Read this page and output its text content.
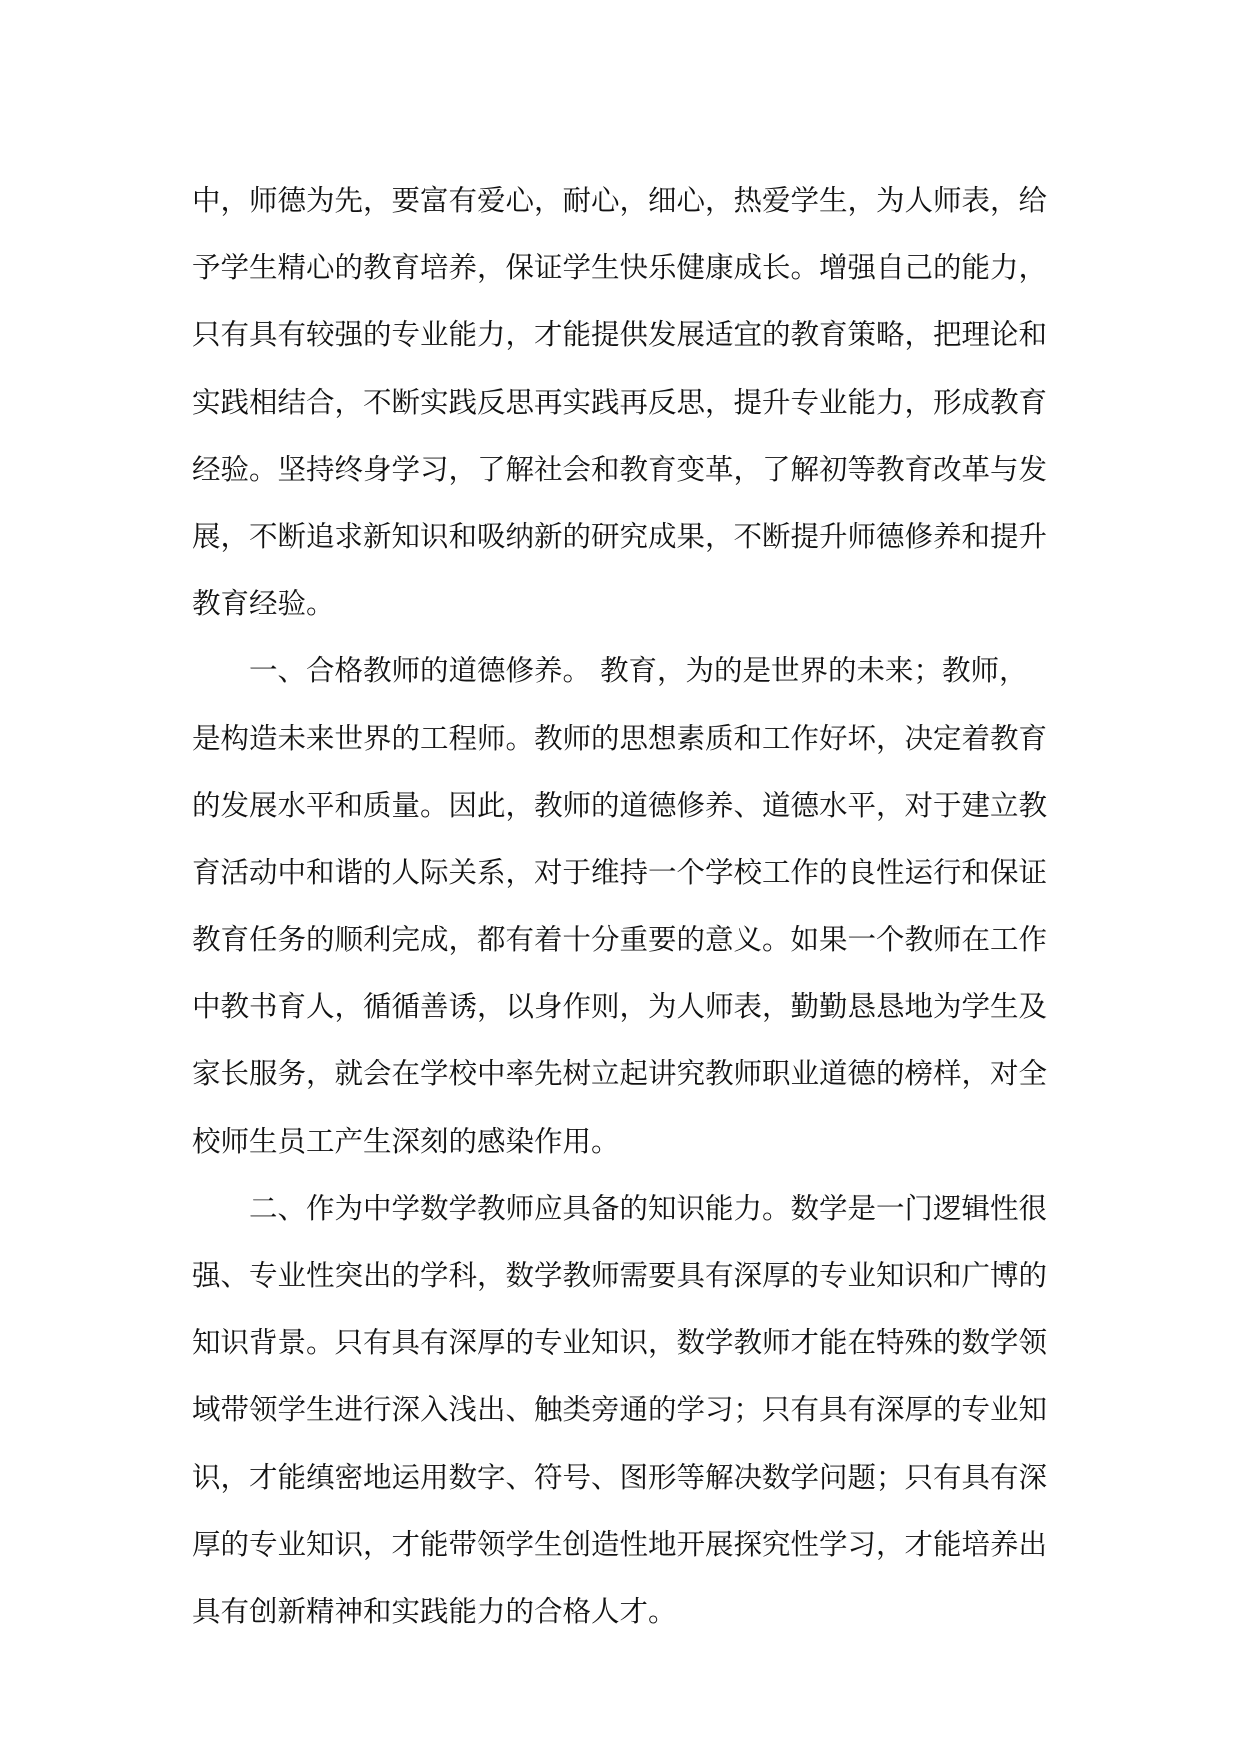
中，师德为先，要富有爱心，耐心，细心，热爱学生，为人师表，给
予学生精心的教育培养，保证学生快乐健康成长。增强自己的能力，
只有具有较强的专业能力，才能提供发展适宜的教育策略，把理论和
实践相结合，不断实践反思再实践再反思，提升专业能力，形成教育
经验。坚持终身学习，了解社会和教育变革，了解初等教育改革与发
展，不断追求新知识和吸纳新的研究成果，不断提升师德修养和提升
教育经验。
一、合格教师的道德修养。 教育，为的是世界的未来；教师，
是构造未来世界的工程师。教师的思想素质和工作好坏，决定着教育
的发展水平和质量。因此，教师的道德修养、道德水平，对于建立教
育活动中和谐的人际关系，对于维持一个学校工作的良性运行和保证
教育任务的顺利完成，都有着十分重要的意义。如果一个教师在工作
中教书育人，循循善诱，以身作则，为人师表，勤勤恳恳地为学生及
家长服务，就会在学校中率先树立起讲究教师职业道德的榜样，对全
校师生员工产生深刻的感染作用。
二、作为中学数学教师应具备的知识能力。数学是一门逻辑性很
强、专业性突出的学科，数学教师需要具有深厚的专业知识和广博的
知识背景。只有具有深厚的专业知识，数学教师才能在特殊的数学领
域带领学生进行深入浅出、触类旁通的学习；只有具有深厚的专业知
识，才能缜密地运用数字、符号、图形等解决数学问题；只有具有深
厚的专业知识，才能带领学生创造性地开展探究性学习，才能培养出
具有创新精神和实践能力的合格人才。
